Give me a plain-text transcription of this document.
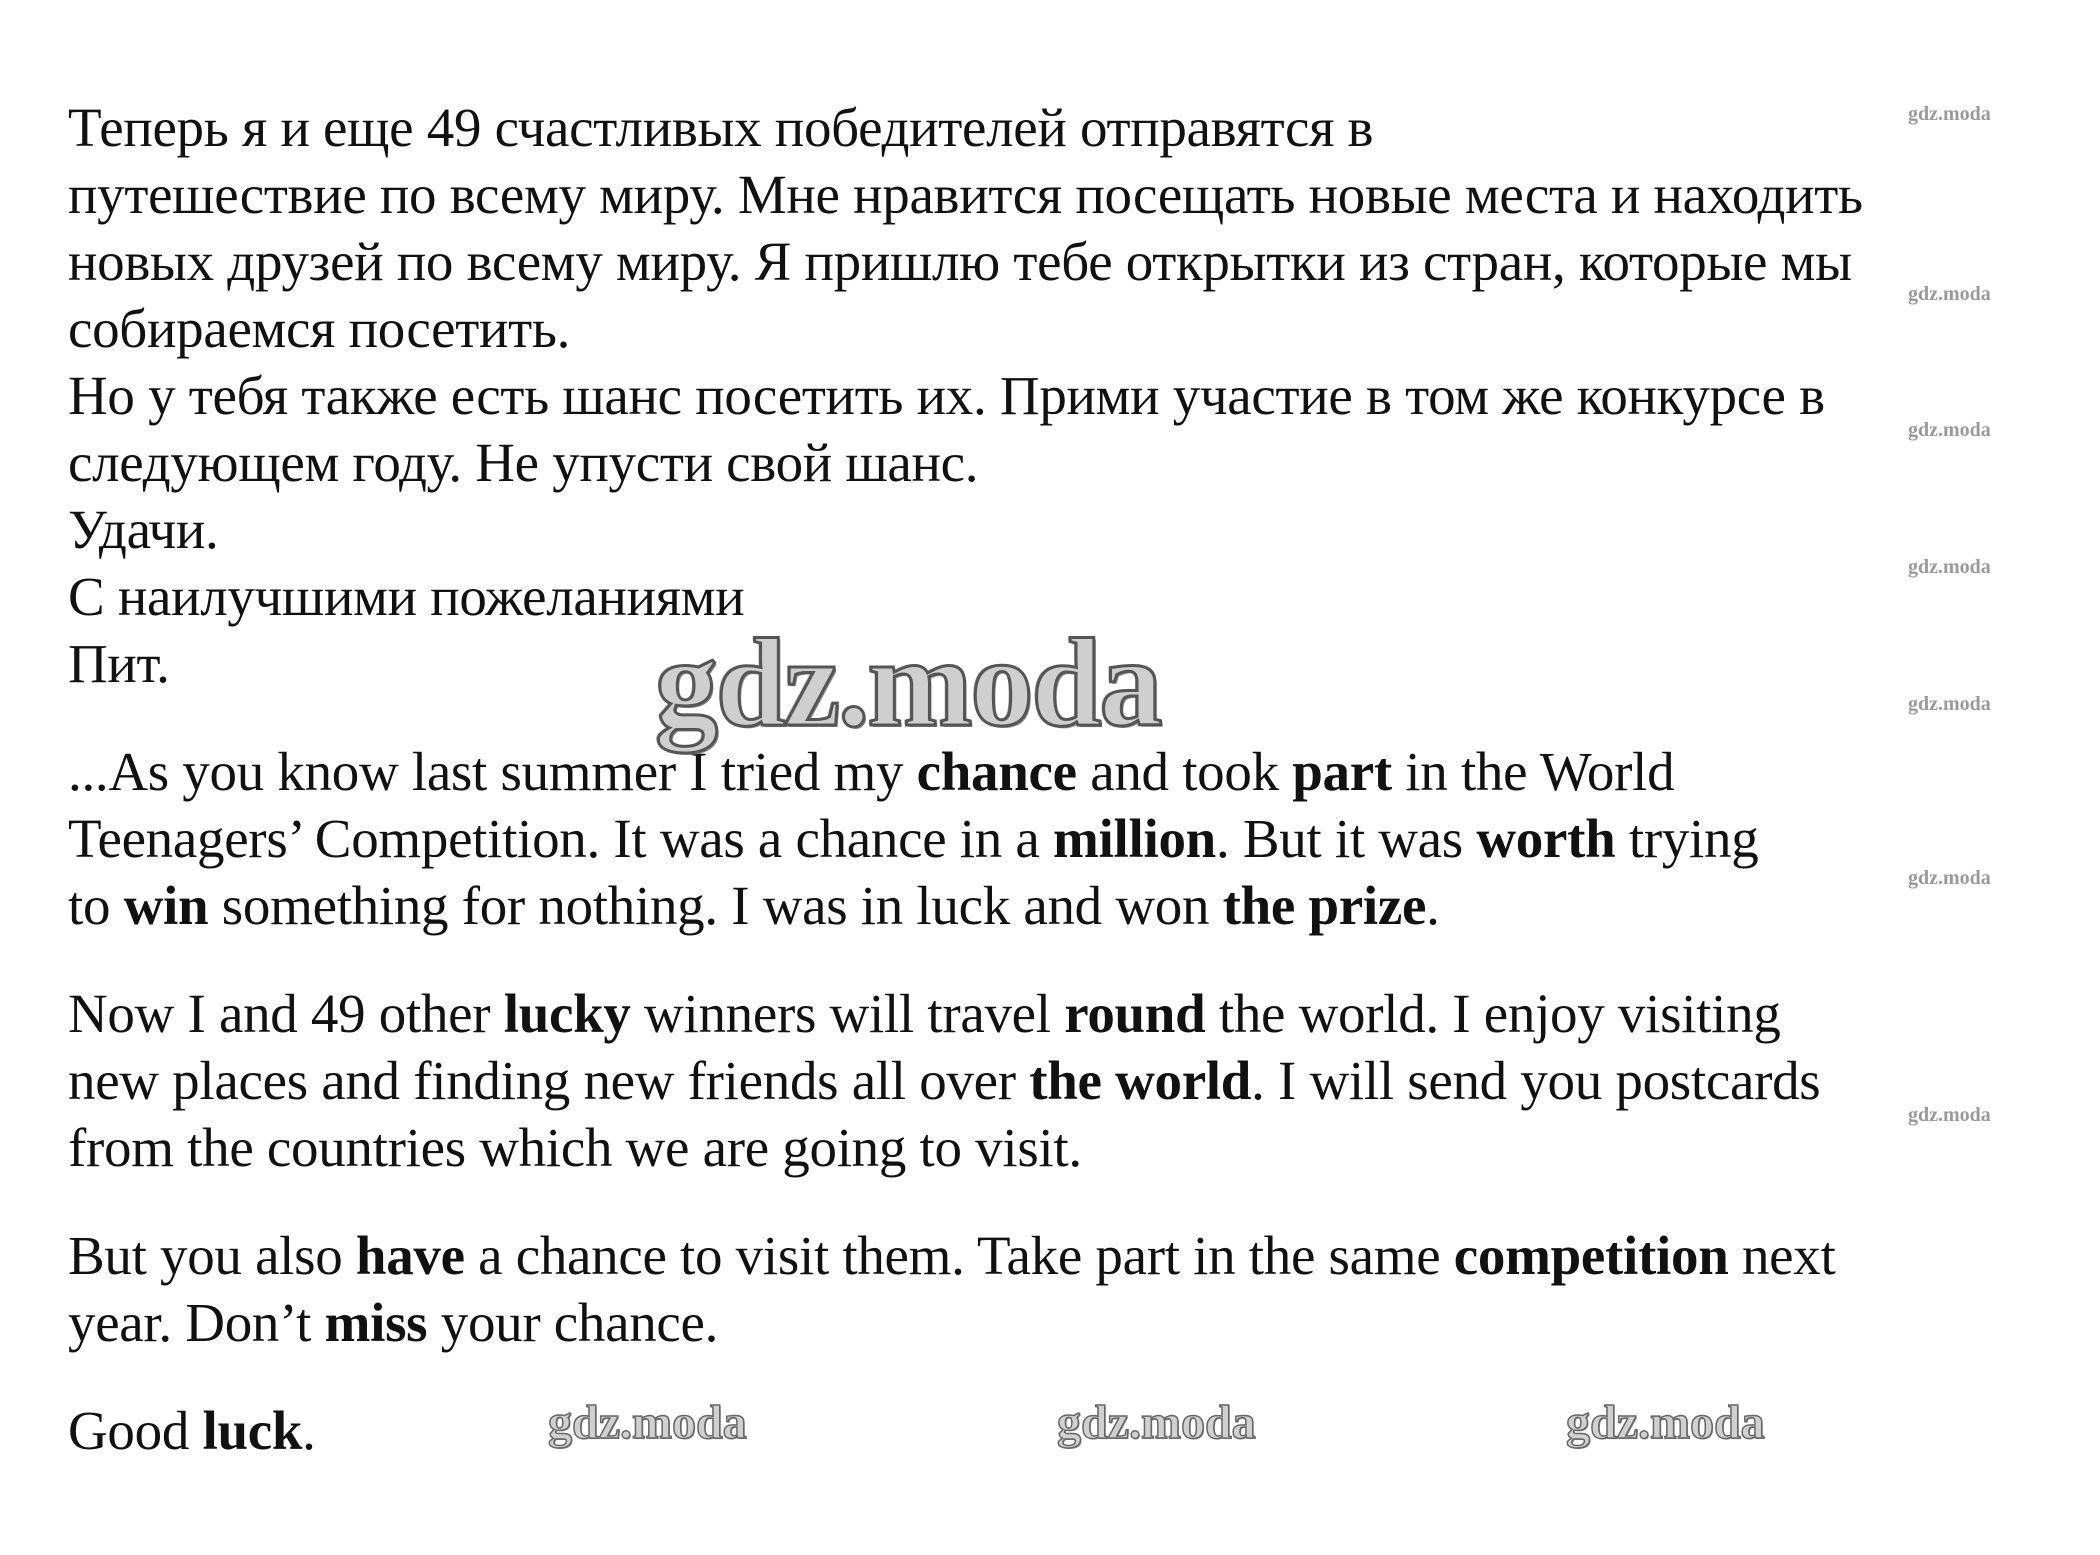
Теперь я и еще 49 счастливых победителей отправятся в
путешествие по всему миру. Мне нравится посещать новые места и находить
новых друзей по всему миру. Я пришлю тебе открытки из стран, которые мы
собираемся посетить.
Но у тебя также есть шанс посетить их. Прими участие в том же конкурсе в
следующем году. Не упусти свой шанс.
Удачи.
С наилучшими пожеланиями
Пит.
...As you know last summer I tried my chance and took part in the World
Teenagers’ Competition. It was a chance in a million. But it was worth trying
to win something for nothing. I was in luck and won the prize.
Now I and 49 other lucky winners will travel round the world. I enjoy visiting
new places and finding new friends all over the world. I will send you postcards
from the countries which we are going to visit.
But you also have a chance to visit them. Take part in the same competition next
year. Don’t miss your chance.
Good luck.
gdz.moda
gdz.moda
gdz.moda
gdz.moda
gdz.moda
gdz.moda
gdz.moda
gdz.moda
gdz.moda	gdz.moda	gdz.moda
